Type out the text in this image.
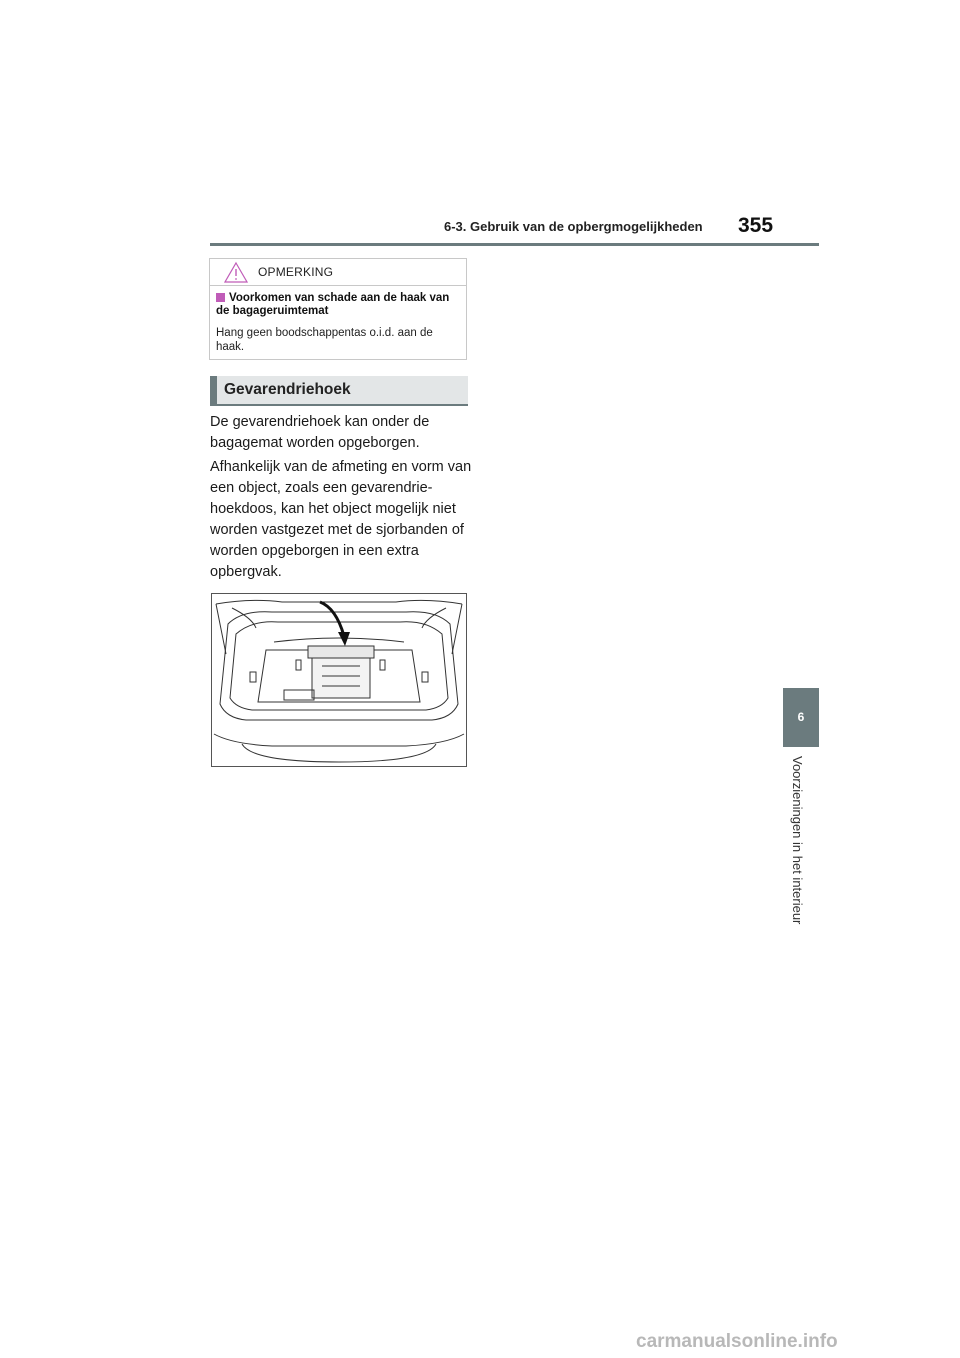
6-3. Gebruik van de opbergmogelijkheden 355
6
Voorzieningen in het interieur
OPMERKING
Voorkomen van schade aan de haak van de bagageruimtemat
Hang geen boodschappentas o.i.d. aan de haak.
Gevarendriehoek
De gevarendriehoek kan onder de bagagemat worden opgeborgen.
Afhankelijk van de afmeting en vorm van een object, zoals een gevarendrie-hoekdoos, kan het object mogelijk niet worden vastgezet met de sjorbanden of worden opgeborgen in een extra opbergvak.
carmanualsonline.info
